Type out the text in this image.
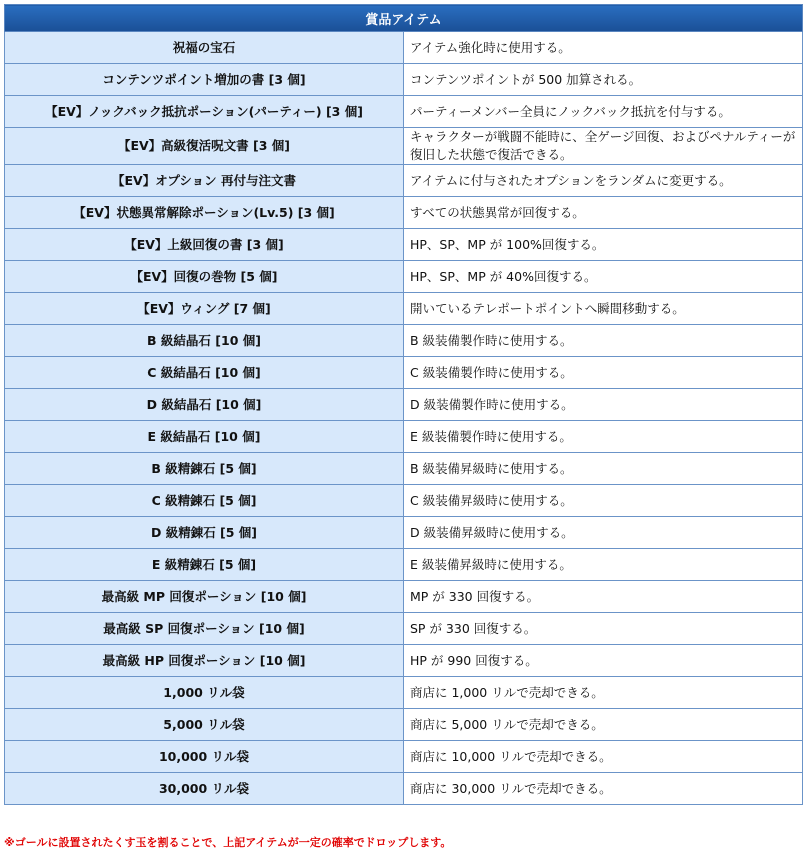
賞品アイテム	
祝福の宝石	アイテム強化時に使用する。
コンテンツポイント増加の書 [3 個]	コンテンツポイントが 500 加算される。
【EV】ノックバック抵抗ポーション(パーティー) [3 個]	パーティーメンバー全員にノックバック抵抗を付与する。
【EV】高級復活呪文書 [3 個]	キャラクターが戦闘不能時に、全ゲージ回復、およびペナルティーが復旧した状態で復活できる。
【EV】オプション 再付与注文書	アイテムに付与されたオプションをランダムに変更する。
【EV】状態異常解除ポーション(Lv.5) [3 個]	すべての状態異常が回復する。
【EV】上級回復の書 [3 個]	HP、SP、MP が 100%回復する。
【EV】回復の巻物 [5 個]	HP、SP、MP が 40%回復する。
【EV】ウィング [7 個]	開いているテレポートポイントへ瞬間移動する。
B 級結晶石 [10 個]	B 級装備製作時に使用する。
C 級結晶石 [10 個]	C 級装備製作時に使用する。
D 級結晶石 [10 個]	D 級装備製作時に使用する。
E 級結晶石 [10 個]	E 級装備製作時に使用する。
B 級精錬石 [5 個]	B 級装備昇級時に使用する。
C 級精錬石 [5 個]	C 級装備昇級時に使用する。
D 級精錬石 [5 個]	D 級装備昇級時に使用する。
E 級精錬石 [5 個]	E 級装備昇級時に使用する。
最高級 MP 回復ポーション [10 個]	MP が 330 回復する。
最高級 SP 回復ポーション [10 個]	SP が 330 回復する。
最高級 HP 回復ポーション [10 個]	HP が 990 回復する。
1,000 リル袋	商店に 1,000 リルで売却できる。
5,000 リル袋	商店に 5,000 リルで売却できる。
10,000 リル袋	商店に 10,000 リルで売却できる。
30,000 リル袋	商店に 30,000 リルで売却できる。
※ゴールに設置されたくす玉を割ることで、上記アイテムが一定の確率でドロップします。
